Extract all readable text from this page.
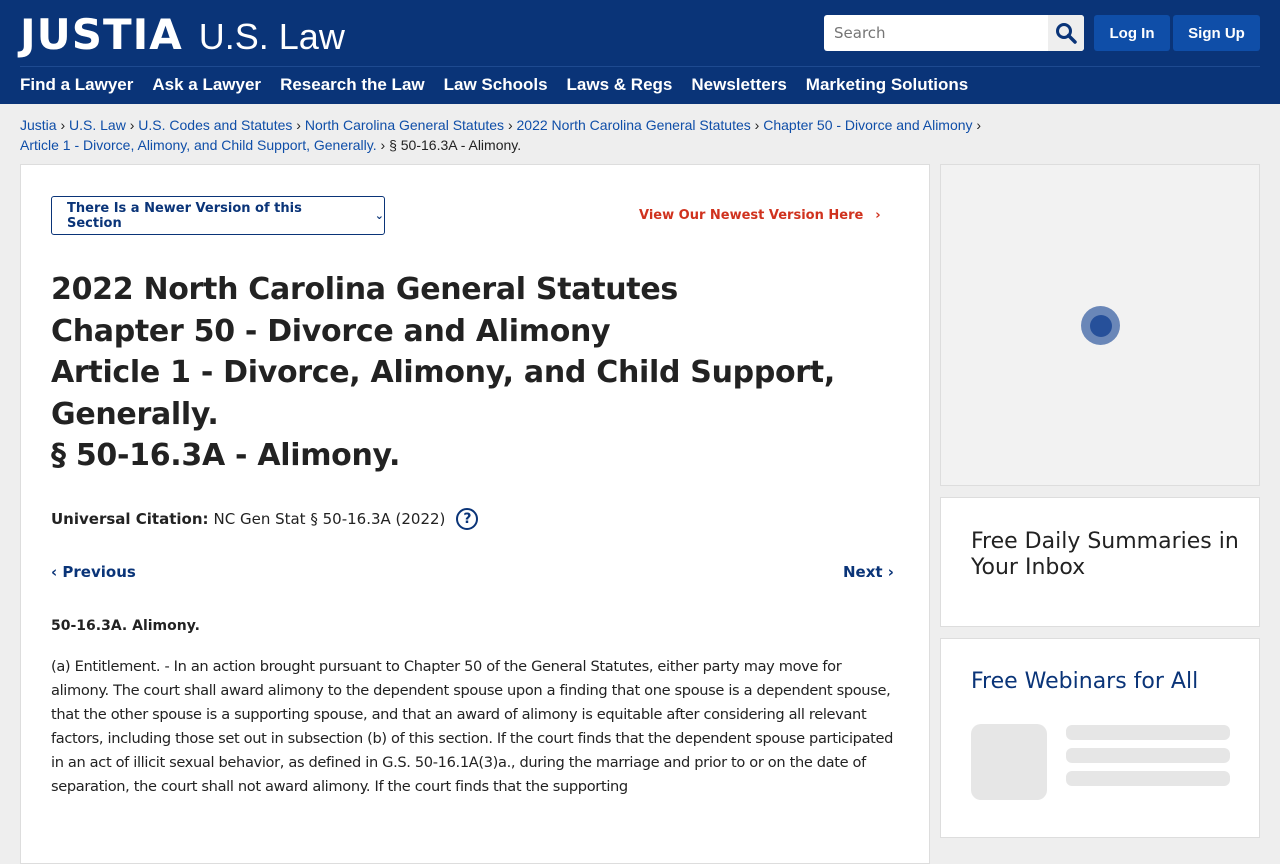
JUSTIA U.S. Law
Search	Log In	Sign Up
Find a Lawyer Ask a Lawyer Research the Law Law Schools Laws & Regs Newsletters Marketing Solutions
Justia › U.S. Law › U.S. Codes and Statutes › North Carolina General Statutes › 2022 North Carolina General Statutes › Chapter 50 - Divorce and Alimony ›
Article 1 - Divorce, Alimony, and Child Support, Generally. › § 50-16.3A - Alimony.
There Is a Newer Version of this Section	⌄	View Our Newest Version Here ›
2022 North Carolina General Statutes
Chapter 50 - Divorce and Alimony
Article 1 - Divorce, Alimony, and Child Support, Generally.
§ 50-16.3A - Alimony.
Universal Citation: NC Gen Stat § 50-16.3A (2022)	?
‹ Previous	Next ›
50-16.3A. Alimony.

(a) Entitlement. - In an action brought pursuant to Chapter 50 of the General Statutes, either party may move for alimony. The court shall award alimony to the dependent spouse upon a finding that one spouse is a dependent spouse, that the other spouse is a supporting spouse, and that an award of alimony is equitable after considering all relevant factors, including those set out in subsection (b) of this section. If the court finds that the dependent spouse participated in an act of illicit sexual behavior, as defined in G.S. 50-16.1A(3)a., during the marriage and prior to or on the date of separation, the court shall not award alimony. If the court finds that the supporting

Free Daily Summaries in Your Inbox
Free Webinars for All
